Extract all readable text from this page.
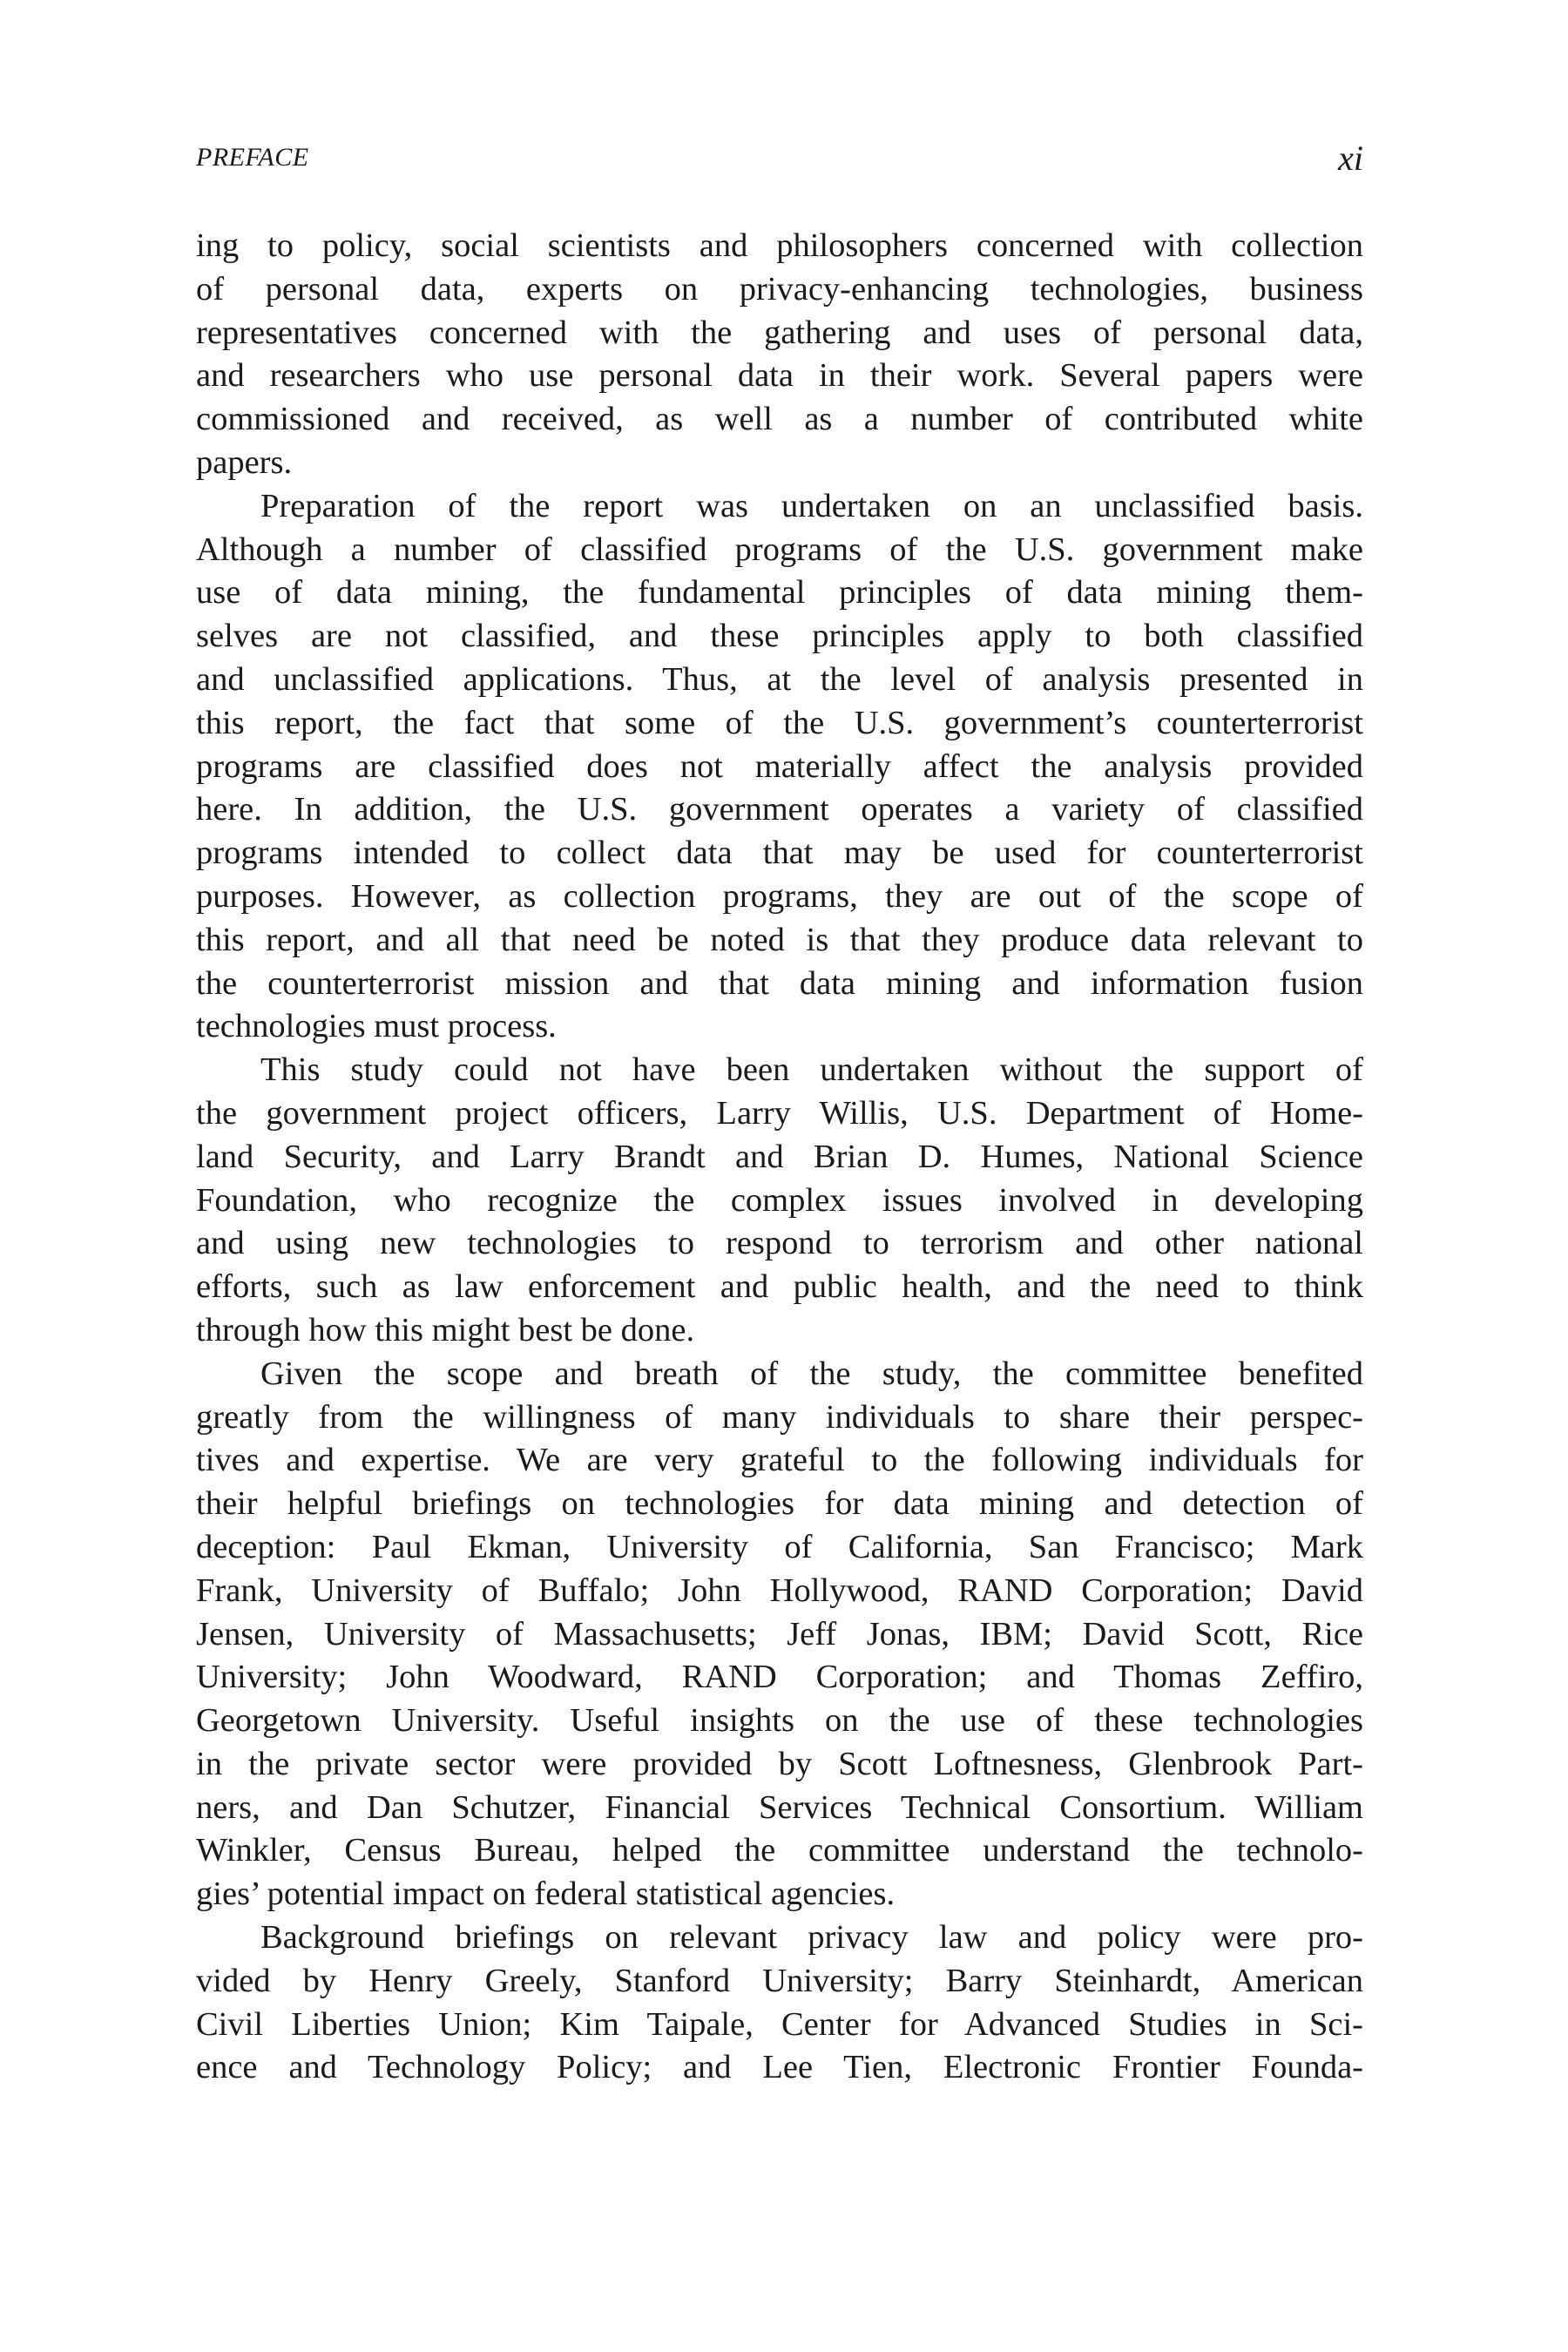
PREFACE	xi
ing to policy, social scientists and philosophers concerned with collection
of personal data, experts on privacy-enhancing technologies, business
representatives concerned with the gathering and uses of personal data,
and researchers who use personal data in their work. Several papers were
commissioned and received, as well as a number of contributed white
papers.
Preparation of the report was undertaken on an unclassified basis.
Although a number of classified programs of the U.S. government make
use of data mining, the fundamental principles of data mining them-
selves are not classified, and these principles apply to both classified
and unclassified applications. Thus, at the level of analysis presented in
this report, the fact that some of the U.S. government’s counterterrorist
programs are classified does not materially affect the analysis provided
here. In addition, the U.S. government operates a variety of classified
programs intended to collect data that may be used for counterterrorist
purposes. However, as collection programs, they are out of the scope of
this report, and all that need be noted is that they produce data relevant to
the counterterrorist mission and that data mining and information fusion
technologies must process.
This study could not have been undertaken without the support of
the government project officers, Larry Willis, U.S. Department of Home-
land Security, and Larry Brandt and Brian D. Humes, National Science
Foundation, who recognize the complex issues involved in developing
and using new technologies to respond to terrorism and other national
efforts, such as law enforcement and public health, and the need to think
through how this might best be done.
Given the scope and breath of the study, the committee benefited
greatly from the willingness of many individuals to share their perspec-
tives and expertise. We are very grateful to the following individuals for
their helpful briefings on technologies for data mining and detection of
deception: Paul Ekman, University of California, San Francisco; Mark
Frank, University of Buffalo; John Hollywood, RAND Corporation; David
Jensen, University of Massachusetts; Jeff Jonas, IBM; David Scott, Rice
University; John Woodward, RAND Corporation; and Thomas Zeffiro,
Georgetown University. Useful insights on the use of these technologies
in the private sector were provided by Scott Loftnesness, Glenbrook Part-
ners, and Dan Schutzer, Financial Services Technical Consortium. William
Winkler, Census Bureau, helped the committee understand the technolo-
gies’ potential impact on federal statistical agencies.
Background briefings on relevant privacy law and policy were pro-
vided by Henry Greely, Stanford University; Barry Steinhardt, American
Civil Liberties Union; Kim Taipale, Center for Advanced Studies in Sci-
ence and Technology Policy; and Lee Tien, Electronic Frontier Founda-
